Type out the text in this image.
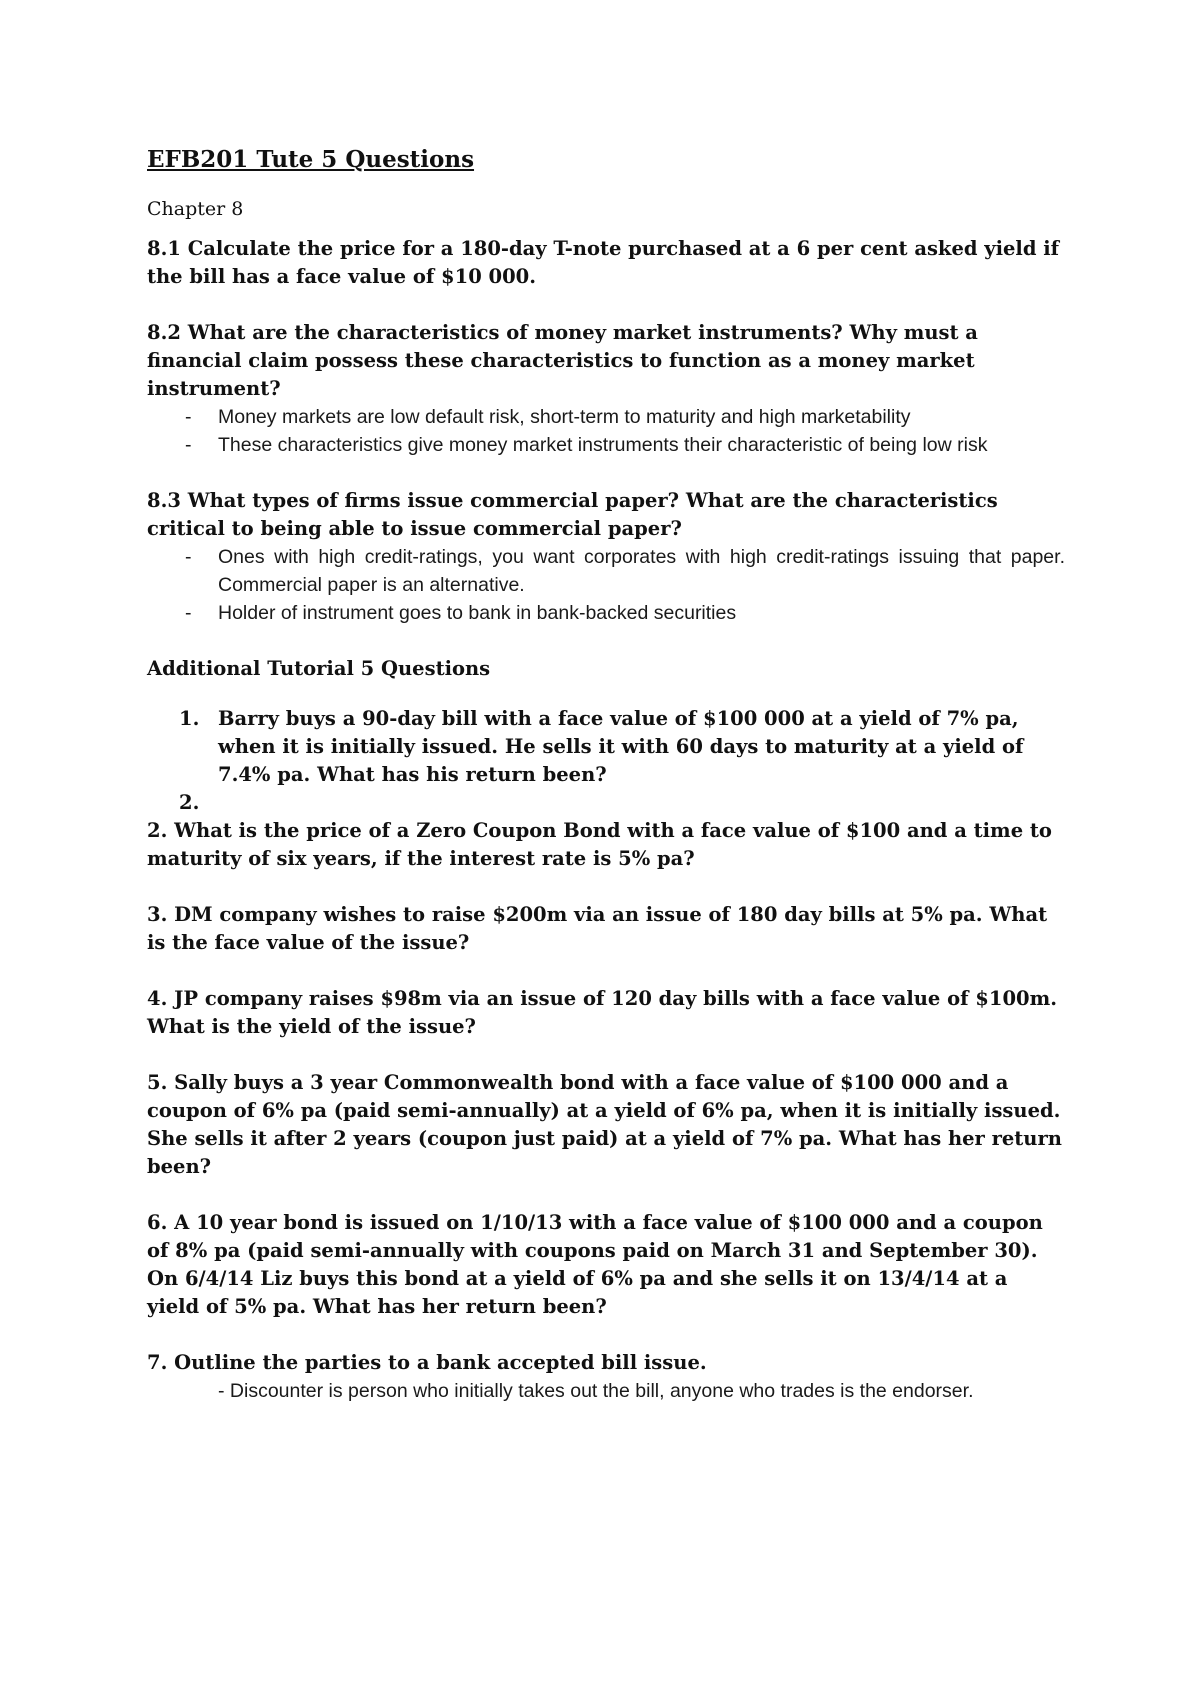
EFB201 Tute 5 Questions
Chapter 8

8.1 Calculate the price for a 180-day T-note purchased at a 6 per cent asked yield if the bill has a face value of $10 000.

8.2 What are the characteristics of money market instruments? Why must a financial claim possess these characteristics to function as a money market instrument?

- Money markets are low default risk, short-term to maturity and high marketability
- These characteristics give money market instruments their characteristic of being low risk

8.3 What types of firms issue commercial paper? What are the characteristics critical to being able to issue commercial paper?

- Ones with high credit-ratings, you want corporates with high credit-ratings issuing that paper. Commercial paper is an alternative.
- Holder of instrument goes to bank in bank-backed securities
Additional Tutorial 5 Questions
1. Barry buys a 90-day bill with a face value of $100 000 at a yield of 7% pa, when it is initially issued. He sells it with 60 days to maturity at a yield of 7.4% pa. What has his return been?
2.

2. What is the price of a Zero Coupon Bond with a face value of $100 and a time to maturity of six years, if the interest rate is 5% pa?

3. DM company wishes to raise $200m via an issue of 180 day bills at 5% pa. What is the face value of the issue?

4. JP company raises $98m via an issue of 120 day bills with a face value of $100m. What is the yield of the issue?

5. Sally buys a 3 year Commonwealth bond with a face value of $100 000 and a coupon of 6% pa (paid semi-annually) at a yield of 6% pa, when it is initially issued. She sells it after 2 years (coupon just paid) at a yield of 7% pa. What has her return been?

6. A 10 year bond is issued on 1/10/13 with a face value of $100 000 and a coupon of 8% pa (paid semi-annually with coupons paid on March 31 and September 30). On 6/4/14 Liz buys this bond at a yield of 6% pa and she sells it on 13/4/14 at a yield of 5% pa. What has her return been?

7. Outline the parties to a bank accepted bill issue.

- Discounter is person who initially takes out the bill, anyone who trades is the endorser.
